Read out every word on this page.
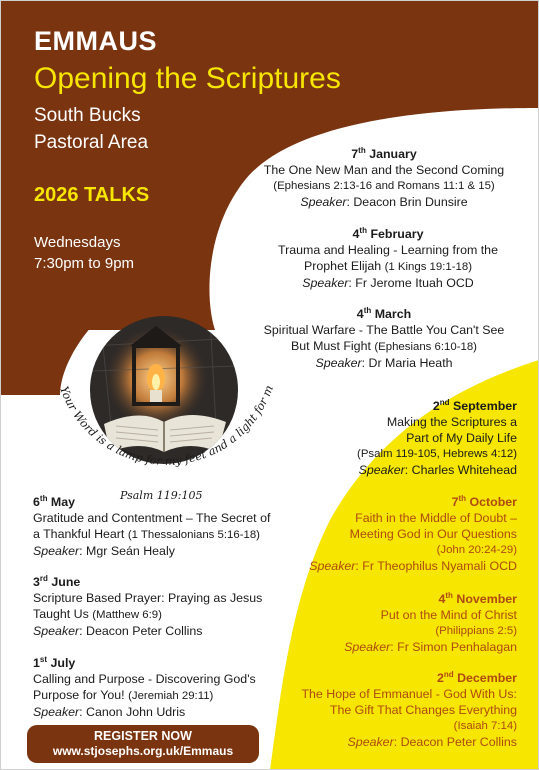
EMMAUS
Opening the Scriptures
South Bucks
Pastoral Area
2026 TALKS
Wednesdays
7:30pm to 9pm
Your Word is a lamp for my feet and a light for m
Psalm 119:105
7th January
The One New Man and the Second Coming
(Ephesians 2:13-16 and Romans 11:1 & 15)
Speaker: Deacon Brin Dunsire
4th February
Trauma and Healing - Learning from the
Prophet Elijah (1 Kings 19:1-18)
Speaker: Fr Jerome Ituah OCD
4th March
Spiritual Warfare - The Battle You Can't See
But Must Fight (Ephesians 6:10-18)
Speaker: Dr Maria Heath
6th May
Gratitude and Contentment – The Secret of
a Thankful Heart (1 Thessalonians 5:16-18)
Speaker: Mgr Seán Healy
3rd June
Scripture Based Prayer: Praying as Jesus
Taught Us (Matthew 6:9)
Speaker: Deacon Peter Collins
1st July
Calling and Purpose - Discovering God's
Purpose for You! (Jeremiah 29:11)
Speaker: Canon John Udris
2nd September
Making the Scriptures a
Part of My Daily Life
(Psalm 119-105, Hebrews 4:12)
Speaker: Charles Whitehead
7th October
Faith in the Middle of Doubt –
Meeting God in Our Questions
(John 20:24-29)
Speaker: Fr Theophilus Nyamali OCD
4th November
Put on the Mind of Christ
(Philippians 2:5)
Speaker: Fr Simon Penhalagan
2nd December
The Hope of Emmanuel - God With Us:
The Gift That Changes Everything
(Isaiah 7:14)
Speaker: Deacon Peter Collins
REGISTER NOW
www.stjosephs.org.uk/Emmaus
